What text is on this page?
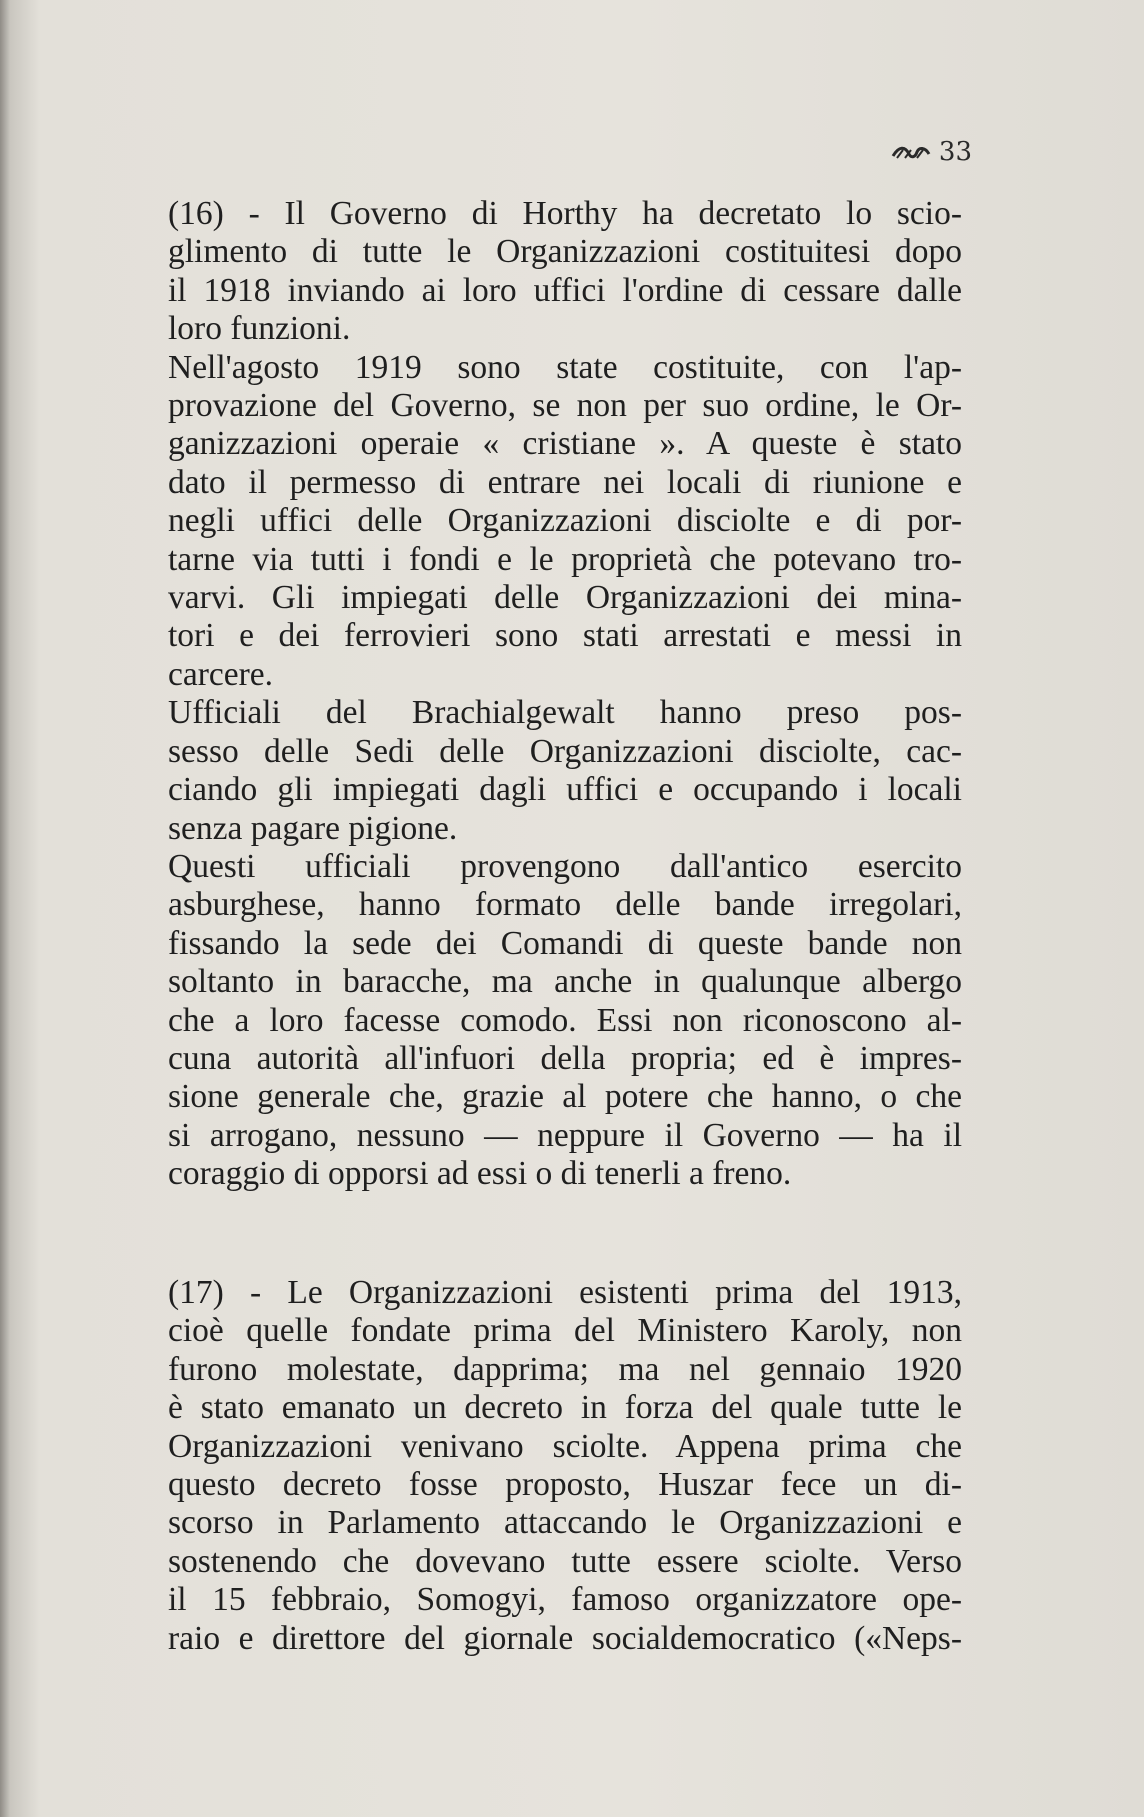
33

(16) - Il Governo di Horthy ha decretato lo scio-
glimento di tutte le Organizzazioni costituitesi dopo
il 1918 inviando ai loro uffici l'ordine di cessare dalle
loro funzioni.

Nell'agosto 1919 sono state costituite, con l'ap-
provazione del Governo, se non per suo ordine, le Or-
ganizzazioni operaie « cristiane ». A queste è stato
dato il permesso di entrare nei locali di riunione e
negli uffici delle Organizzazioni disciolte e di por-
tarne via tutti i fondi e le proprietà che potevano tro-
varvi. Gli impiegati delle Organizzazioni dei mina-
tori e dei ferrovieri sono stati arrestati e messi in
carcere.

Ufficiali del Brachialgewalt hanno preso pos-
sesso delle Sedi delle Organizzazioni disciolte, cac-
ciando gli impiegati dagli uffici e occupando i locali
senza pagare pigione.

Questi ufficiali provengono dall'antico esercito
asburghese, hanno formato delle bande irregolari,
fissando la sede dei Comandi di queste bande non
soltanto in baracche, ma anche in qualunque albergo
che a loro facesse comodo. Essi non riconoscono al-
cuna autorità all'infuori della propria; ed è impres-
sione generale che, grazie al potere che hanno, o che
si arrogano, nessuno — neppure il Governo — ha il
coraggio di opporsi ad essi o di tenerli a freno.

(17) - Le Organizzazioni esistenti prima del 1913,
cioè quelle fondate prima del Ministero Karoly, non
furono molestate, dapprima; ma nel gennaio 1920
è stato emanato un decreto in forza del quale tutte le
Organizzazioni venivano sciolte. Appena prima che
questo decreto fosse proposto, Huszar fece un di-
scorso in Parlamento attaccando le Organizzazioni e
sostenendo che dovevano tutte essere sciolte. Verso
il 15 febbraio, Somogyi, famoso organizzatore ope-
raio e direttore del giornale socialdemocratico («Neps-
